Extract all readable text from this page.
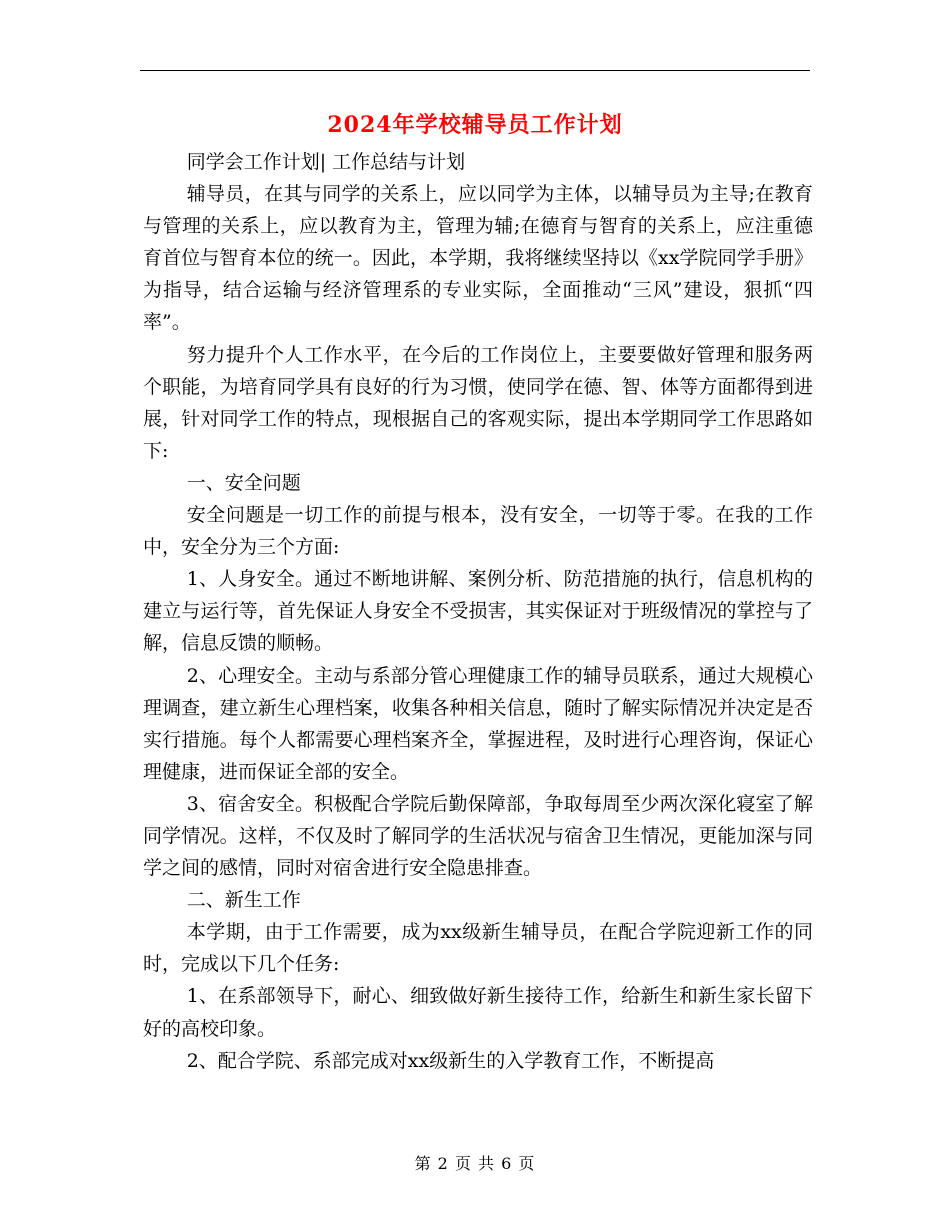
2024年学校辅导员工作计划

同学会工作计划| 工作总结与计划

辅导员，在其与同学的关系上，应以同学为主体，以辅导员为主导;在教育与管理的关系上，应以教育为主，管理为辅;在德育与智育的关系上，应注重德育首位与智育本位的统一。因此，本学期，我将继续坚持以《xx学院同学手册》为指导，结合运输与经济管理系的专业实际，全面推动“三风”建设，狠抓“四率”。

努力提升个人工作水平，在今后的工作岗位上，主要要做好管理和服务两个职能，为培育同学具有良好的行为习惯，使同学在德、智、体等方面都得到进展，针对同学工作的特点，现根据自己的客观实际，提出本学期同学工作思路如下:

一、安全问题

安全问题是一切工作的前提与根本，没有安全，一切等于零。在我的工作中，安全分为三个方面:

1、人身安全。通过不断地讲解、案例分析、防范措施的执行，信息机构的建立与运行等，首先保证人身安全不受损害，其实保证对于班级情况的掌控与了解，信息反馈的顺畅。

2、心理安全。主动与系部分管心理健康工作的辅导员联系，通过大规模心理调查，建立新生心理档案，收集各种相关信息，随时了解实际情况并决定是否实行措施。每个人都需要心理档案齐全，掌握进程，及时进行心理咨询，保证心理健康，进而保证全部的安全。

3、宿舍安全。积极配合学院后勤保障部，争取每周至少两次深化寝室了解同学情况。这样，不仅及时了解同学的生活状况与宿舍卫生情况，更能加深与同学之间的感情，同时对宿舍进行安全隐患排查。

二、新生工作

本学期，由于工作需要，成为xx级新生辅导员，在配合学院迎新工作的同时，完成以下几个任务:

1、在系部领导下，耐心、细致做好新生接待工作，给新生和新生家长留下好的高校印象。

2、配合学院、系部完成对xx级新生的入学教育工作，不断提高

第 2 页 共 6 页
